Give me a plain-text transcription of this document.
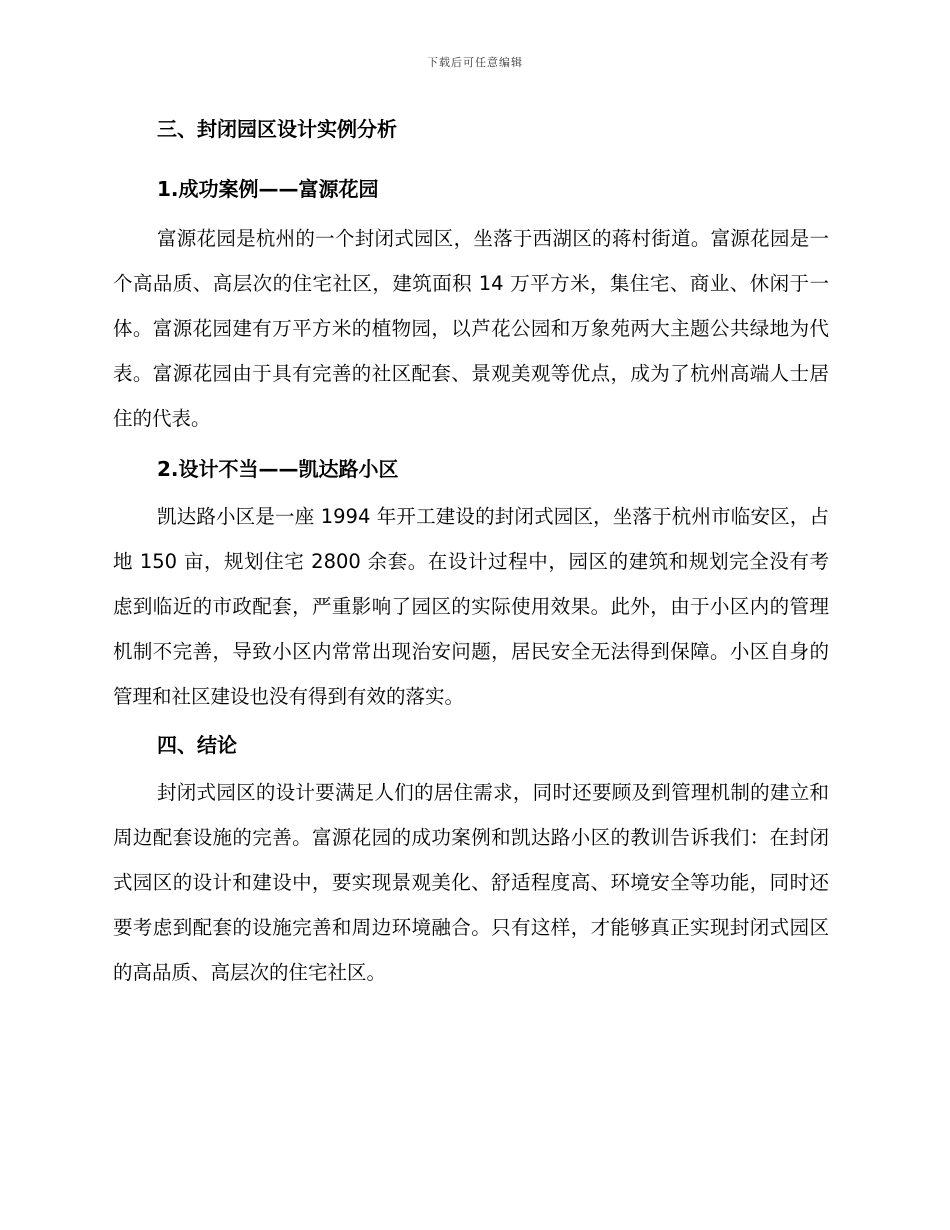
下载后可任意编辑
三、封闭园区设计实例分析
1.成功案例——富源花园

富源花园是杭州的一个封闭式园区，坐落于西湖区的蒋村街道。富源花园是一个高品质、高层次的住宅社区，建筑面积 14 万平方米，集住宅、商业、休闲于一体。富源花园建有万平方米的植物园，以芦花公园和万象苑两大主题公共绿地为代表。富源花园由于具有完善的社区配套、景观美观等优点，成为了杭州高端人士居住的代表。

2.设计不当——凯达路小区

凯达路小区是一座 1994 年开工建设的封闭式园区，坐落于杭州市临安区，占地 150 亩，规划住宅 2800 余套。在设计过程中，园区的建筑和规划完全没有考虑到临近的市政配套，严重影响了园区的实际使用效果。此外，由于小区内的管理机制不完善，导致小区内常常出现治安问题，居民安全无法得到保障。小区自身的管理和社区建设也没有得到有效的落实。

四、结论

封闭式园区的设计要满足人们的居住需求，同时还要顾及到管理机制的建立和周边配套设施的完善。富源花园的成功案例和凯达路小区的教训告诉我们：在封闭式园区的设计和建设中，要实现景观美化、舒适程度高、环境安全等功能，同时还要考虑到配套的设施完善和周边环境融合。只有这样，才能够真正实现封闭式园区的高品质、高层次的住宅社区。
